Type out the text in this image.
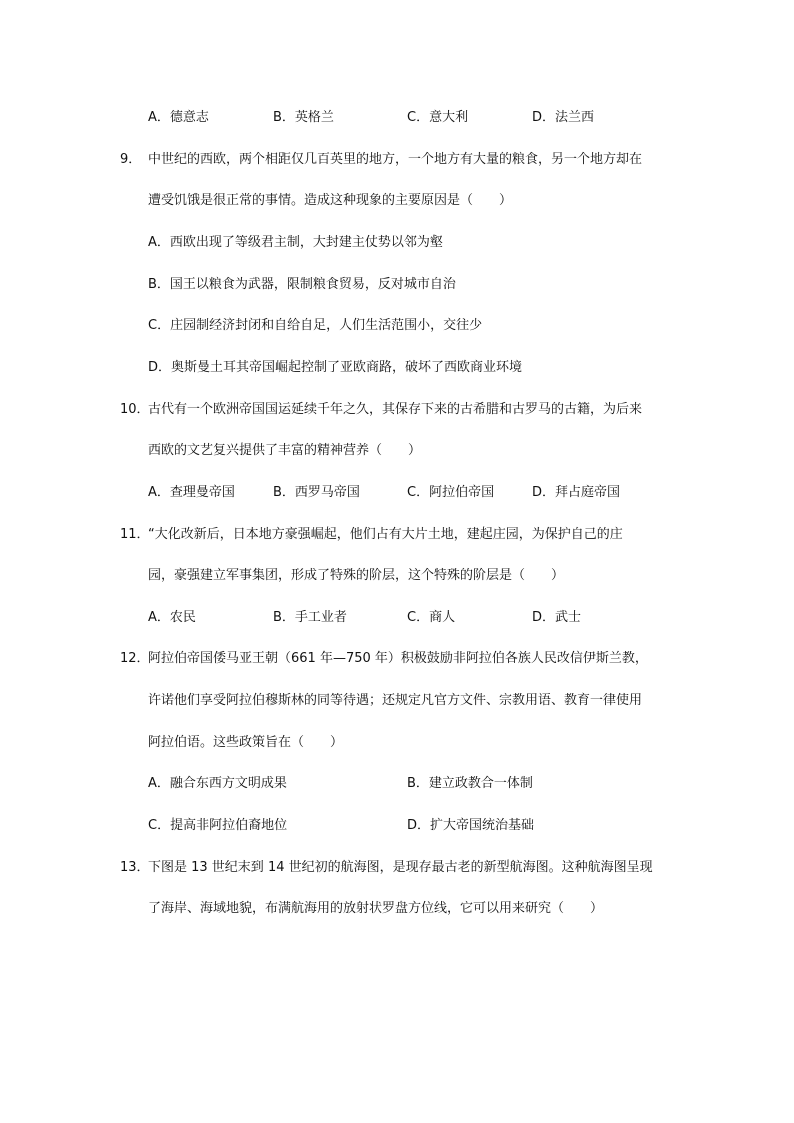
A．德意志	B．英格兰	C．意大利	D．法兰西
9． 中世纪的西欧，两个相距仅几百英里的地方，一个地方有大量的粮食，另一个地方却在
遭受饥饿是很正常的事情。造成这种现象的主要原因是（　　）
A．西欧出现了等级君主制，大封建主仗势以邻为壑
B．国王以粮食为武器，限制粮食贸易，反对城市自治
C．庄园制经济封闭和自给自足，人们生活范围小，交往少
D．奥斯曼土耳其帝国崛起控制了亚欧商路，破坏了西欧商业环境
10．
古代有一个欧洲帝国国运延续千年之久，其保存下来的古希腊和古罗马的古籍，为后来
西欧的文艺复兴提供了丰富的精神营养（　　）
A．查理曼帝国	B．西罗马帝国	C．阿拉伯帝国	D．拜占庭帝国
11．
“大化改新后，日本地方豪强崛起，他们占有大片土地，建起庄园，为保护自己的庄
园，豪强建立军事集团，形成了特殊的阶层，这个特殊的阶层是（　　）
A．农民	B．手工业者	C．商人	D．武士
12．
阿拉伯帝国倭马亚王朝（661 年—750 年）积极鼓励非阿拉伯各族人民改信伊斯兰教，
许诺他们享受阿拉伯穆斯林的同等待遇；还规定凡官方文件、宗教用语、教育一律使用
阿拉伯语。这些政策旨在（　　）
A．融合东西方文明成果	B．建立政教合一体制
C．提高非阿拉伯裔地位	D．扩大帝国统治基础
13．
下图是 13 世纪末到 14 世纪初的航海图，是现存最古老的新型航海图。这种航海图呈现
了海岸、海域地貌，布满航海用的放射状罗盘方位线，它可以用来研究（　　）
